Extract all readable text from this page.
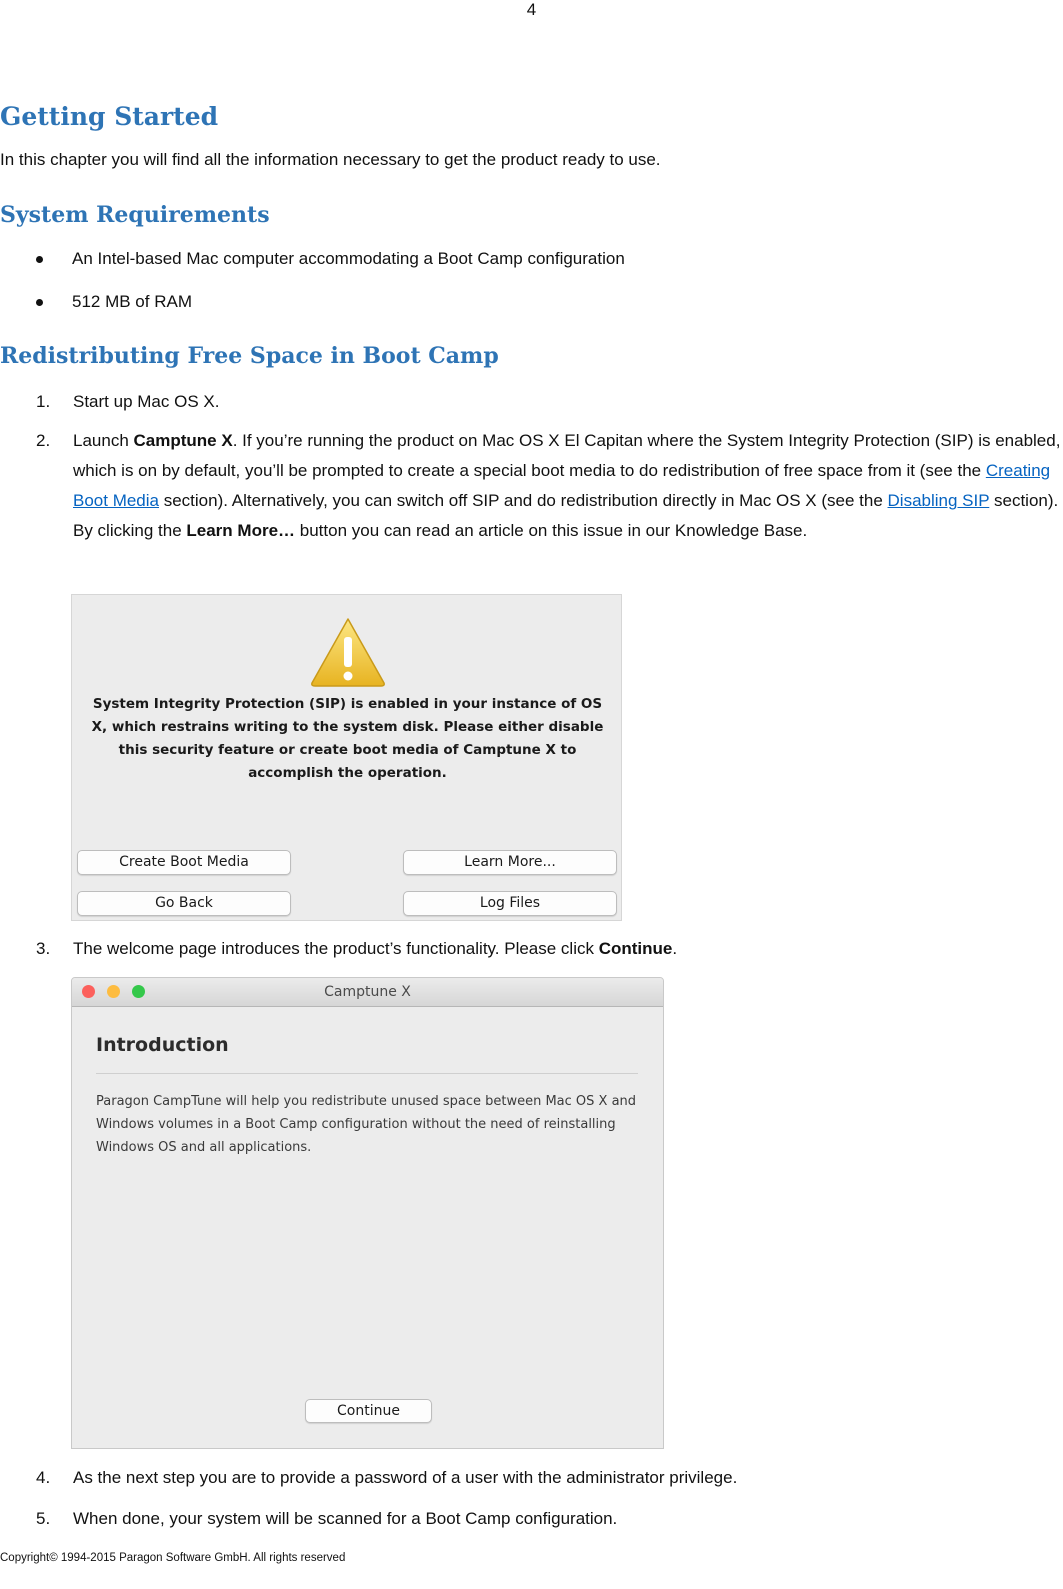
4
Getting Started
In this chapter you will find all the information necessary to get the product ready to use.
System Requirements
An Intel-based Mac computer accommodating a Boot Camp configuration
512 MB of RAM
Redistributing Free Space in Boot Camp
1.	Start up Mac OS X.
2.	Launch Camptune X. If you’re running the product on Mac OS X El Capitan where the System Integrity Protection (SIP) is enabled, which is on by default, you’ll be prompted to create a special boot media to do redistribution of free space from it (see the Creating Boot Media section). Alternatively, you can switch off SIP and do redistribution directly in Mac OS X (see the Disabling SIP section). By clicking the Learn More… button you can read an article on this issue in our Knowledge Base.
System Integrity Protection (SIP) is enabled in your instance of OS X, which restrains writing to the system disk. Please either disable this security feature or create boot media of Camptune X to accomplish the operation.
Create Boot Media	Learn More...
Go Back	Log Files
3.	The welcome page introduces the product’s functionality. Please click Continue.
Camptune X
Introduction
Paragon CampTune will help you redistribute unused space between Mac OS X and Windows volumes in a Boot Camp configuration without the need of reinstalling Windows OS and all applications.
Continue
4.	As the next step you are to provide a password of a user with the administrator privilege.
5.	When done, your system will be scanned for a Boot Camp configuration.
Copyright© 1994-2015 Paragon Software GmbH. All rights reserved
